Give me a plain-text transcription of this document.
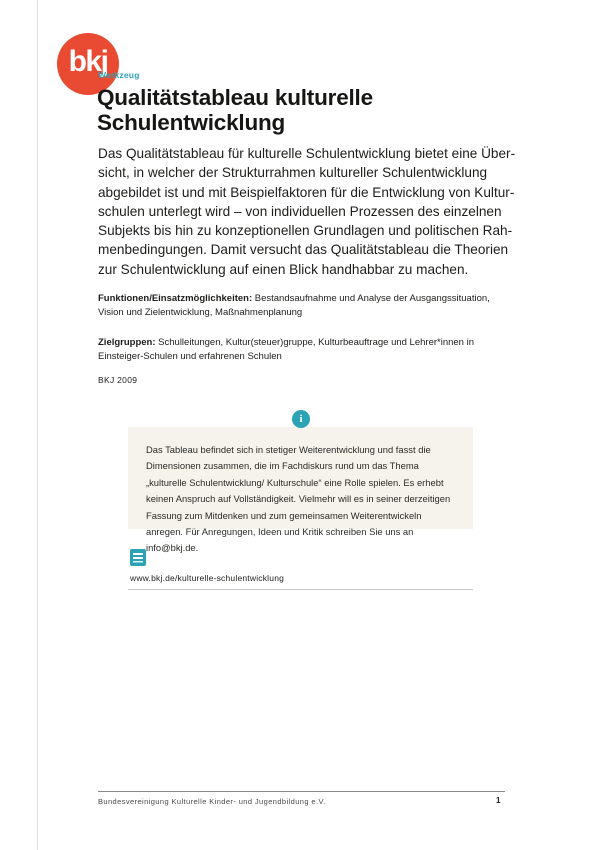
bkj
Werkzeug
Qualitätstableau kulturelle Schulentwicklung

Das Qualitätstableau für kulturelle Schulentwicklung bietet eine Übersicht, in welcher der Strukturrahmen kultureller Schulentwicklung abgebildet ist und mit Beispielfaktoren für die Entwicklung von Kulturschulen unterlegt wird – von individuellen Prozessen des einzelnen Subjekts bis hin zu konzeptionellen Grundlagen und politischen Rahmenbedingungen. Damit versucht das Qualitätstableau die Theorien zur Schulentwicklung auf einen Blick handhabbar zu machen.

Funktionen/Einsatzmöglichkeiten: Bestandsaufnahme und Analyse der Ausgangssituation, Vision und Zielentwicklung, Maßnahmenplanung

Zielgruppen: Schulleitungen, Kultur(steuer)gruppe, Kulturbeauftrage und Lehrer*innen in Einsteiger-Schulen und erfahrenen Schulen

BKJ 2009
i

Das Tableau befindet sich in stetiger Weiterentwicklung und fasst die Dimensionen zusammen, die im Fachdiskurs rund um das Thema „kulturelle Schulentwicklung/ Kulturschule“ eine Rolle spielen. Es erhebt keinen Anspruch auf Vollständigkeit. Vielmehr will es in seiner derzeitigen Fassung zum Mitdenken und zum gemeinsamen Weiterentwickeln anregen. Für Anregungen, Ideen und Kritik schreiben Sie uns an info@bkj.de.

www.bkj.de/kulturelle-schulentwicklung
Bundesvereinigung Kulturelle Kinder- und Jugendbildung e.V.	1
